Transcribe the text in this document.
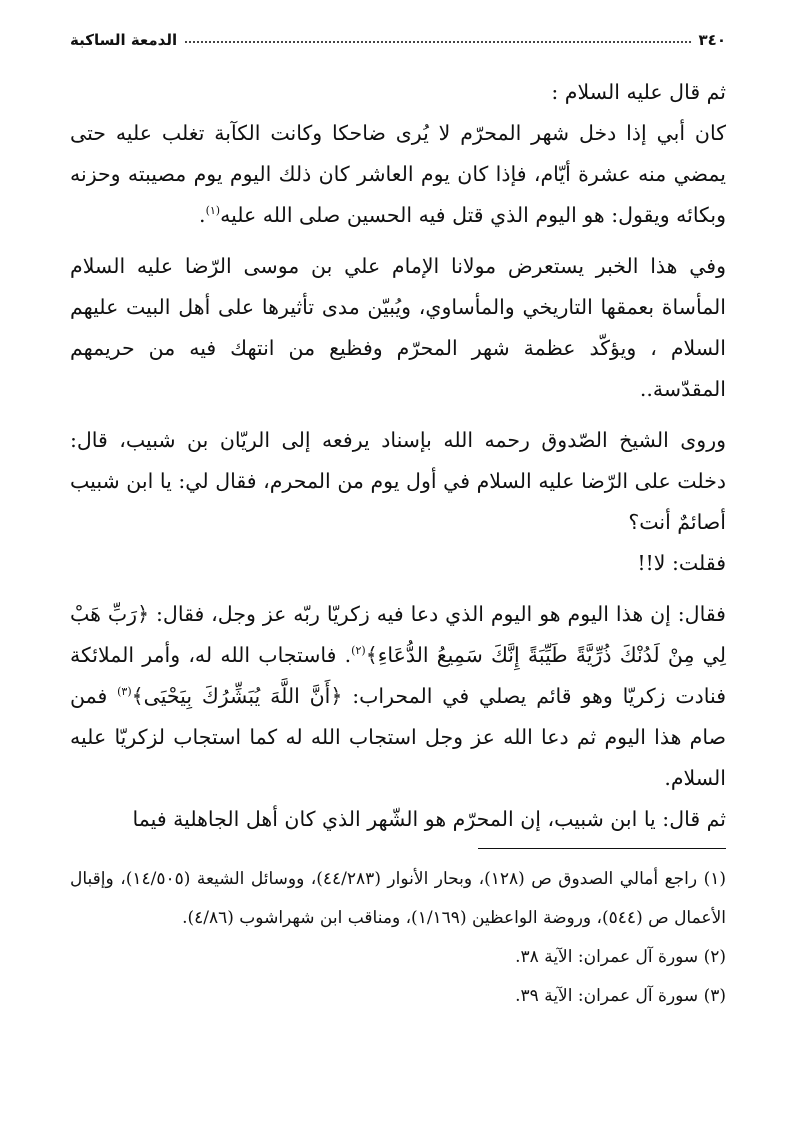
٣٤٠
الدمعة الساكبة

ثم قال عليه السلام :

كان أبي إذا دخل شهر المحرّم لا يُرى ضاحكا وكانت الكآبة تغلب عليه حتى يمضي منه عشرة أيّام، فإذا كان يوم العاشر كان ذلك اليوم يوم مصيبته وحزنه وبكائه ويقول: هو اليوم الذي قتل فيه الحسين صلى الله عليه$^{(١)}$.

وفي هذا الخبر يستعرض مولانا الإمام علي بن موسى الرّضا عليه السلام المأساة بعمقها التاريخي والمأساوي، ويُبيّن مدى تأثيرها على أهل البيت عليهم السلام ، ويؤكّد عظمة شهر المحرّم وفظيع من انتهك فيه من حريمهم المقدّسة..

وروى الشيخ الصّدوق رحمه الله بإسناد يرفعه إلى الريّان بن شبيب، قال: دخلت على الرّضا عليه السلام في أول يوم من المحرم، فقال لي: يا ابن شبيب أصائمٌ أنت؟

فقلت: لا!!

فقال: إن هذا اليوم هو اليوم الذي دعا فيه زكريّا ربّه عز وجل، فقال: ﴿رَبِّ هَبْ لِي مِنْ لَدُنْكَ ذُرِّيَّةً طَيِّبَةً إِنَّكَ سَمِيعُ الدُّعَاءِ﴾$^{(٢)}$. فاستجاب الله له، وأمر الملائكة فنادت زكريّا وهو قائم يصلي في المحراب: ﴿أَنَّ اللَّهَ يُبَشِّرُكَ بِيَحْيَى﴾$^{(٣)}$ فمن صام هذا اليوم ثم دعا الله عز وجل استجاب الله له كما استجاب لزكريّا عليه السلام.

ثم قال: يا ابن شبيب، إن المحرّم هو الشّهر الذي كان أهل الجاهلية فيما

(١) راجع أمالي الصدوق ص (١٢٨)، وبحار الأنوار (٤٤/٢٨٣)، ووسائل الشيعة (١٤/٥٠٥)، وإقبال الأعمال ص (٥٤٤)، وروضة الواعظين (١/١٦٩)، ومناقب ابن شهراشوب (٤/٨٦).

(٢) سورة آل عمران: الآية ٣٨.

(٣) سورة آل عمران: الآية ٣٩.
